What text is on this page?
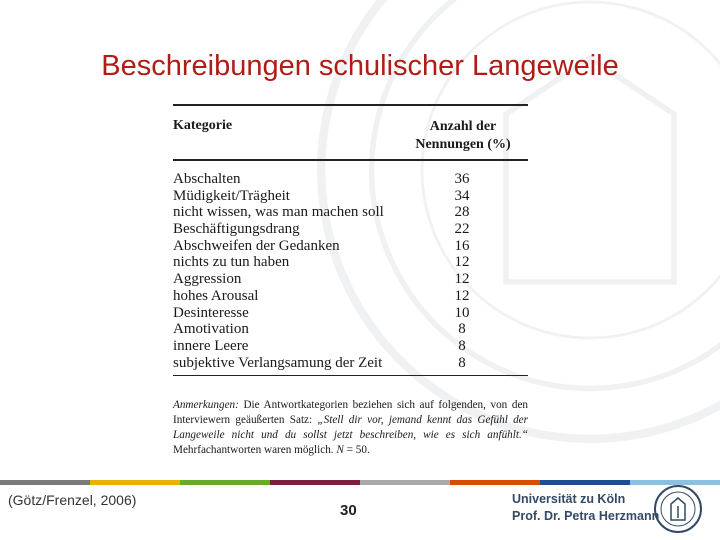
Beschreibungen schulischer Langeweile
Kategorie	Anzahl der
Nennungen (%)
Abschalten	36
Müdigkeit/Trägheit	34
nicht wissen, was man machen soll	28
Beschäftigungsdrang	22
Abschweifen der Gedanken	16
nichts zu tun haben	12
Aggression	12
hohes Arousal	12
Desinteresse	10
Amotivation	8
innere Leere	8
subjektive Verlangsamung der Zeit	8
Anmerkungen: Die Antwortkategorien beziehen sich auf folgenden, von den Interviewern geäußerten Satz: „Stell dir vor, jemand kennt das Gefühl der Langeweile nicht und du sollst jetzt beschreiben, wie es sich anfühlt.“ Mehrfachantworten waren möglich. N = 50.
(Götz/Frenzel, 2006)
30
Universität zu Köln
Prof. Dr. Petra Herzmann
